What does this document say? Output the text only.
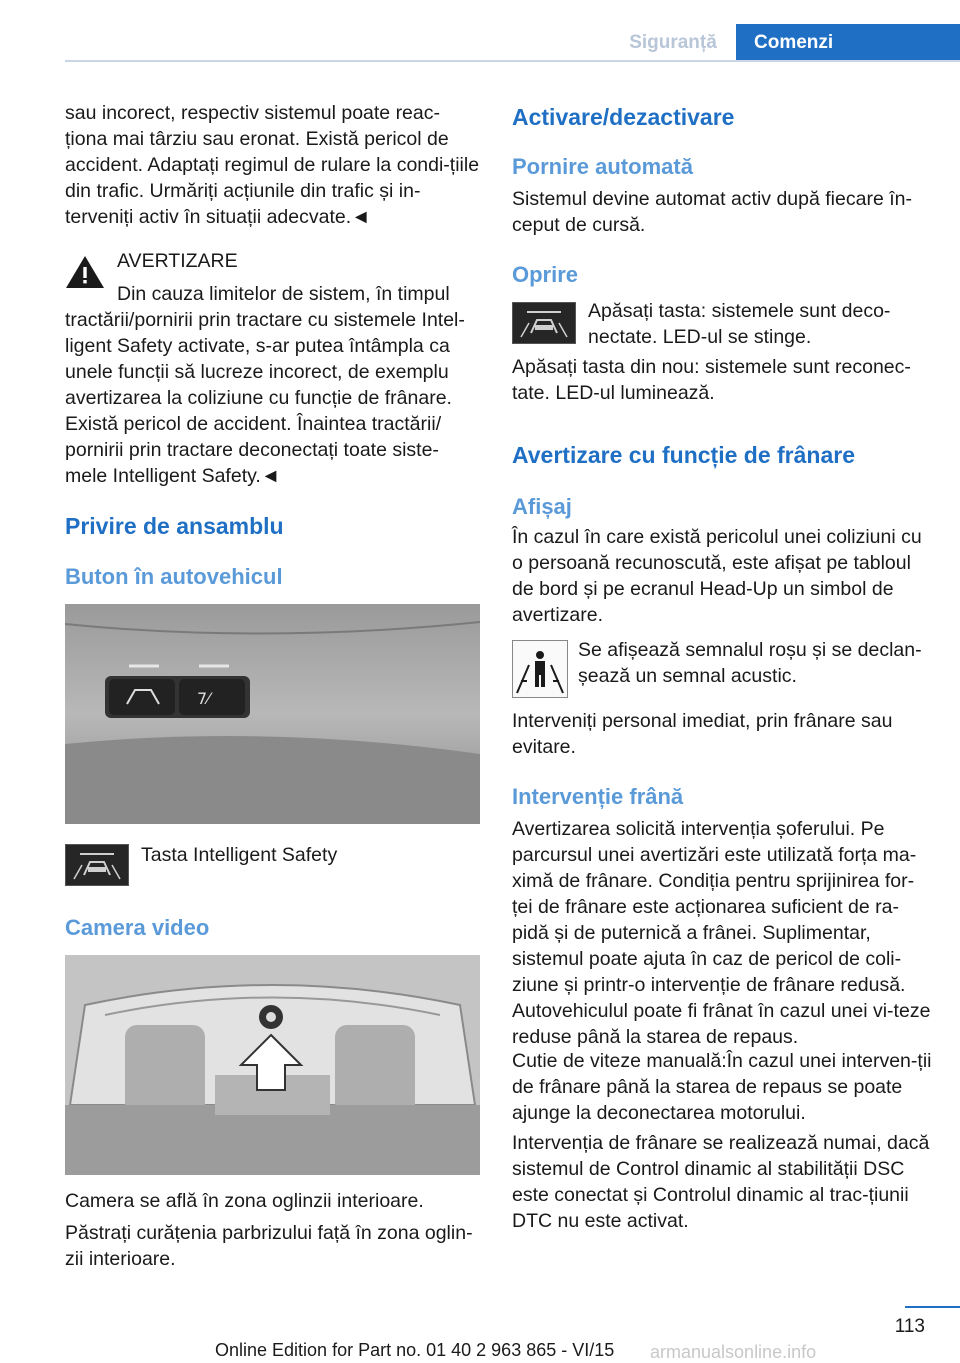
Siguranță	Comenzi

sau incorect, respectiv sistemul poate reac-ționa mai târziu sau eronat. Există pericol de accident. Adaptați regimul de rulare la condi-țiile din trafic. Urmăriți acțiunile din trafic și in-terveniți activ în situații adecvate.◄

AVERTIZARE

Din cauza limitelor de sistem, în timpul

tractării/pornirii prin tractare cu sistemele Intel-ligent Safety activate, s-ar putea întâmpla ca unele funcții să lucreze incorect, de exemplu avertizarea la coliziune cu funcție de frânare. Există pericol de accident. Înaintea tractării/ pornirii prin tractare deconectați toate siste-mele Intelligent Safety.◄

Privire de ansamblu

Buton în autovehicul

7⁄

Tasta Intelligent Safety

Camera video

Camera se află în zona oglinzii interioare.

Păstrați curățenia parbrizului față în zona oglin-zii interioare.

Activare/dezactivare

Pornire automată

Sistemul devine automat activ după fiecare în-ceput de cursă.

Oprire

Apăsați tasta: sistemele sunt deco-nectate. LED-ul se stinge.

Apăsați tasta din nou: sistemele sunt reconec-tate. LED-ul luminează.

Avertizare cu funcție de frânare

Afișaj

În cazul în care există pericolul unei coliziuni cu o persoană recunoscută, este afișat pe tabloul de bord și pe ecranul Head-Up un simbol de avertizare.

Se afișează semnalul roșu și se declan-șează un semnal acustic.

Interveniți personal imediat, prin frânare sau evitare.

Intervenție frână

Avertizarea solicită intervenția șoferului. Pe parcursul unei avertizări este utilizată forța ma-ximă de frânare. Condiția pentru sprijinirea for-ței de frânare este acționarea suficient de ra-pidă și de puternică a frânei. Suplimentar, sistemul poate ajuta în caz de pericol de coli-ziune și printr-o intervenție de frânare redusă. Autovehiculul poate fi frânat în cazul unei vi-teze reduse până la starea de repaus.

Cutie de viteze manuală:În cazul unei interven-ții de frânare până la starea de repaus se poate ajunge la deconectarea motorului.

Intervenția de frânare se realizează numai, dacă sistemul de Control dinamic al stabilității DSC este conectat și Controlul dinamic al trac-țiunii DTC nu este activat.

113
armanualsonline.info
Online Edition for Part no. 01 40 2 963 865 - VI/15
